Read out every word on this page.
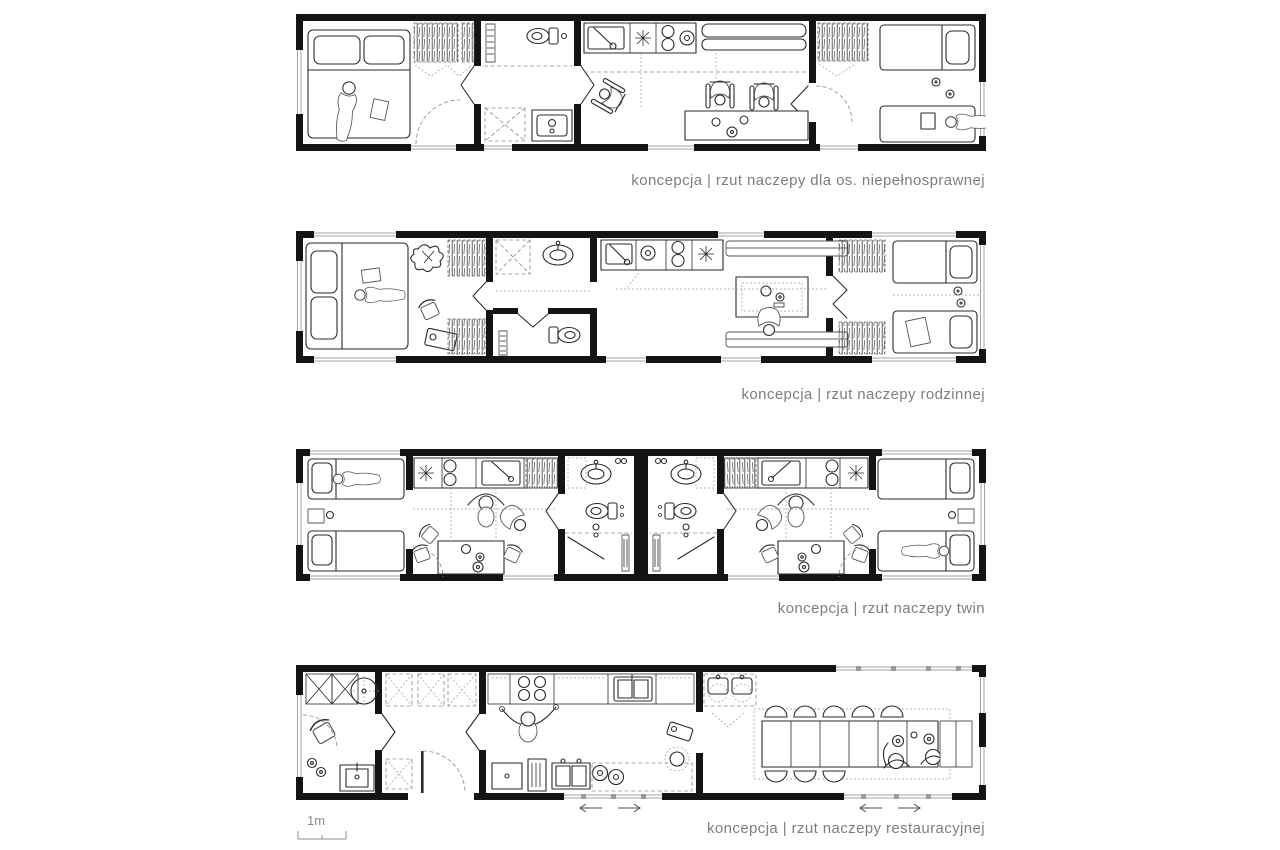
koncepcja | rzut naczepy dla os. niepełnosprawnej
koncepcja | rzut naczepy rodzinnej
koncepcja | rzut naczepy twin
koncepcja | rzut naczepy restauracyjnej
1m
